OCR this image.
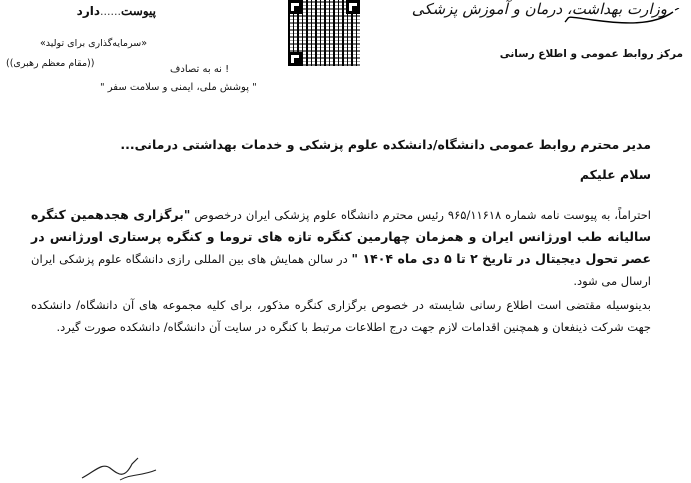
وزارت بهداشت، درمان و آموزش پزشکی
مرکز روابط عمومی و اطلاع رسانی
پیوست......دارد
«سرمایه‌گذاری برای تولید»
((مقام معظم رهبری))
! نه به تصادف
" پوشش ملی، ایمنی و سلامت سفر "

مدیر محترم روابط عمومی دانشگاه/دانشکده علوم پزشکی و خدمات بهداشتی درمانی...

سلام علیکم

احتراماً، به پیوست نامه شماره ۹۶۵/۱۱۶۱۸ رئیس محترم دانشگاه علوم پزشکی ایران درخصوص "برگزاری هجدهمین کنگره سالیانه طب اورژانس ایران و همزمان چهارمین کنگره تازه های تروما و کنگره پرستاری اورژانس در عصر تحول دیجیتال در تاریخ ۲ تا ۵ دی ماه ۱۴۰۴ " در سالن همایش های بین المللی رازی دانشگاه علوم پزشکی ایران ارسال می شود.

بدینوسیله مقتضی است اطلاع رسانی شایسته در خصوص برگزاری کنگره مذکور، برای کلیه مجموعه های آن دانشگاه/ دانشکده جهت شرکت ذینفعان و همچنین اقدامات لازم جهت درج اطلاعات مرتبط با کنگره در سایت آن دانشگاه/ دانشکده صورت گیرد.
